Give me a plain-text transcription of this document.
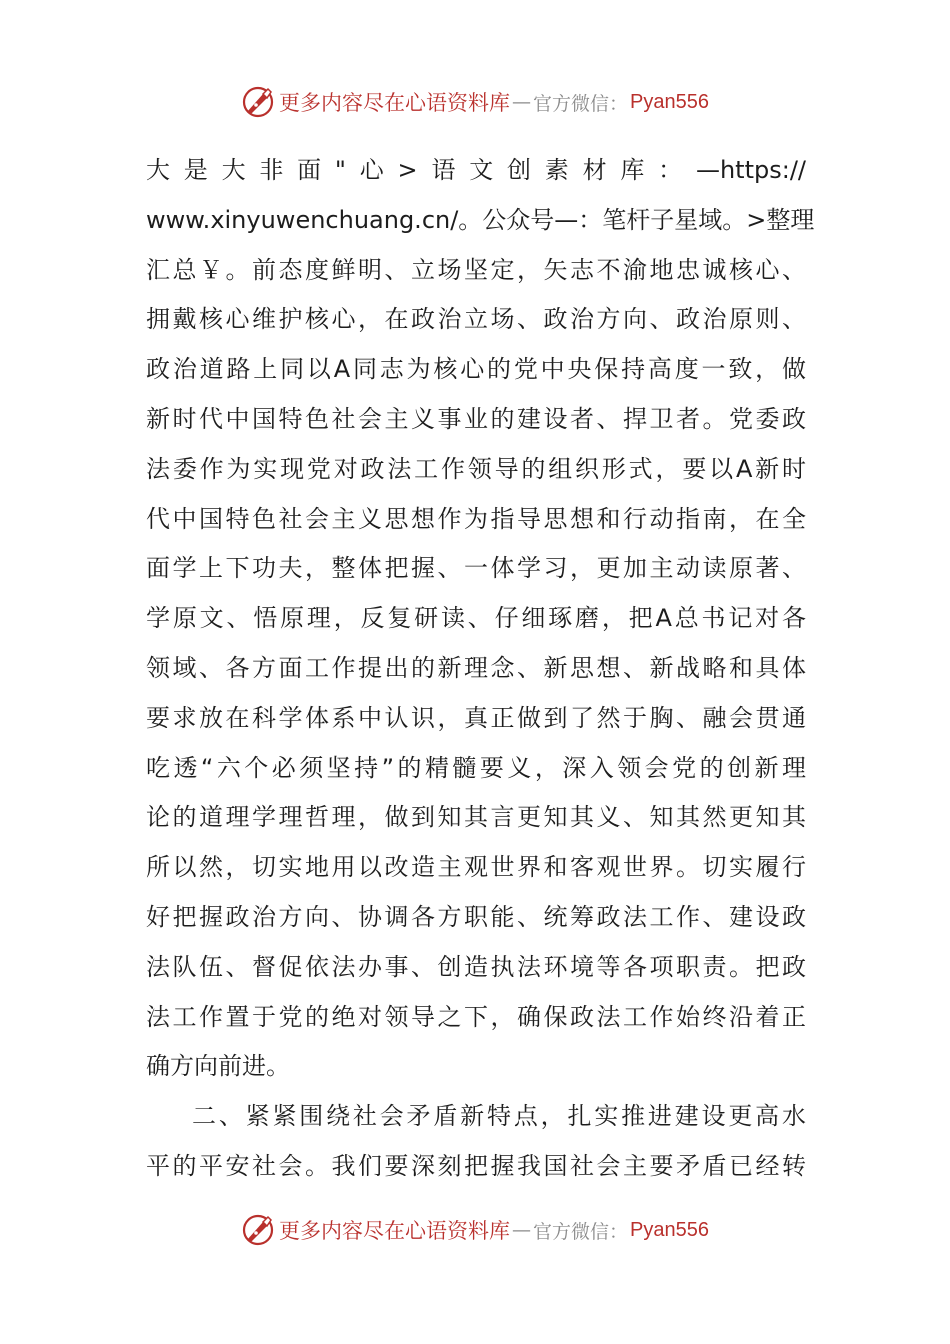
更多内容尽在心语资料库 — 官方微信： Pyan556
大是大非面"心>语文创素材库：—https://
www.xinyuwenchuang.cn/。公众号—：笔杆子星域。>整理
汇总￥。前态度鲜明、立场坚定，矢志不渝地忠诚核心、
拥戴核心维护核心，在政治立场、政治方向、政治原则、
政治道路上同以A同志为核心的党中央保持高度一致，做
新时代中国特色社会主义事业的建设者、捍卫者。党委政
法委作为实现党对政法工作领导的组织形式，要以A新时
代中国特色社会主义思想作为指导思想和行动指南，在全
面学上下功夫，整体把握、一体学习，更加主动读原著、
学原文、悟原理，反复研读、仔细琢磨，把A总书记对各
领域、各方面工作提出的新理念、新思想、新战略和具体
要求放在科学体系中认识，真正做到了然于胸、融会贯通
吃透“六个必须坚持”的精髓要义，深入领会党的创新理
论的道理学理哲理，做到知其言更知其义、知其然更知其
所以然，切实地用以改造主观世界和客观世界。切实履行
好把握政治方向、协调各方职能、统筹政法工作、建设政
法队伍、督促依法办事、创造执法环境等各项职责。把政
法工作置于党的绝对领导之下，确保政法工作始终沿着正
确方向前进。
二、紧紧围绕社会矛盾新特点，扎实推进建设更高水
平的平安社会。我们要深刻把握我国社会主要矛盾已经转
更多内容尽在心语资料库 — 官方微信： Pyan556
